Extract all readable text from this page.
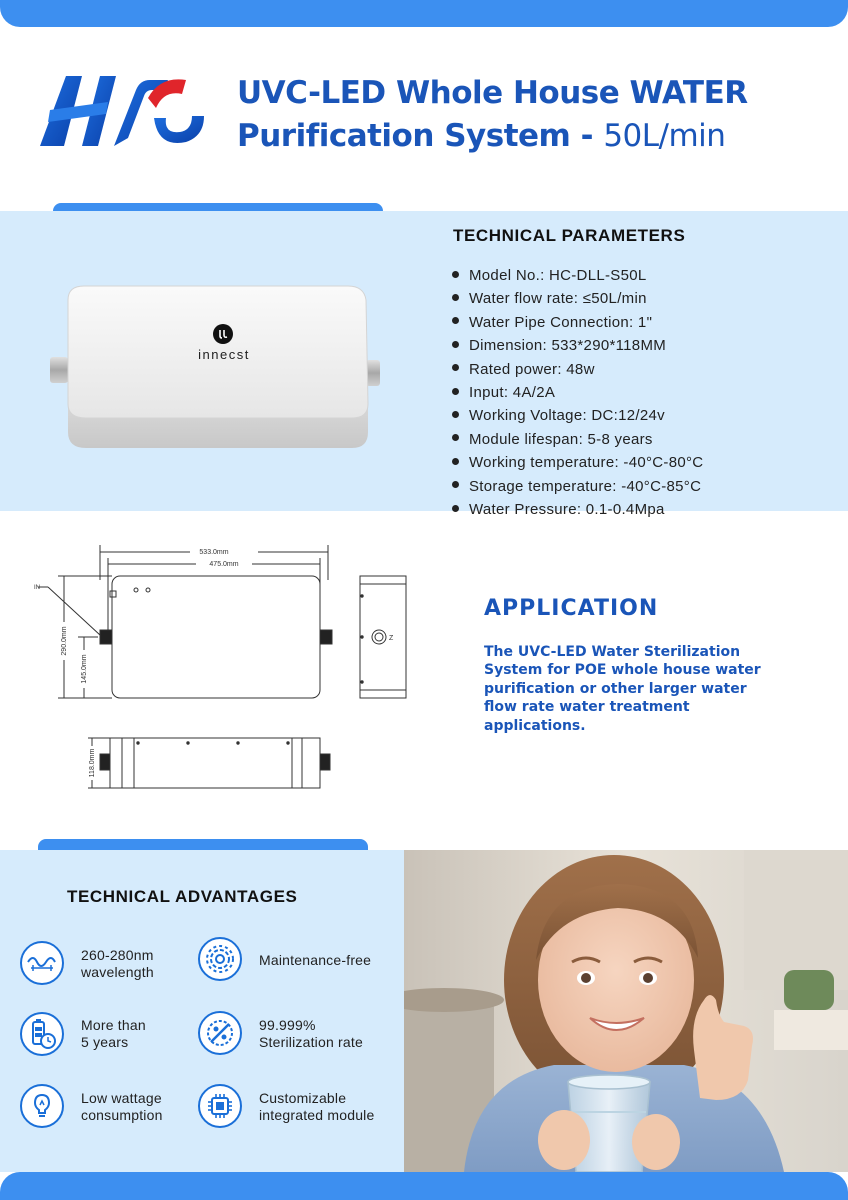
UVC-LED Whole House WATER
Purification System - 50L/min
innecst
TECHNICAL PARAMETERS
Model No.: HC-DLL-S50L
Water flow rate: ≤50L/min
Water Pipe Connection: 1"
Dimension: 533*290*118MM
Rated power: 48w
Input: 4A/2A
Working Voltage: DC:12/24v
Module lifespan: 5-8 years
Working temperature: -40°C-80°C
Storage temperature: -40°C-85°C
Water Pressure: 0.1-0.4Mpa
533.0mm
475.0mm
290.0mm
145.0mm
118.0mm
IN
Z
APPLICATION
The UVC-LED Water Sterilization
System for POE whole house water
purification or other larger water
flow rate water treatment
applications.
TECHNICAL ADVANTAGES
260-280nm
wavelength
Maintenance-free
More than
5 years
99.999%
Sterilization rate
Low wattage
consumption
Customizable
integrated module
